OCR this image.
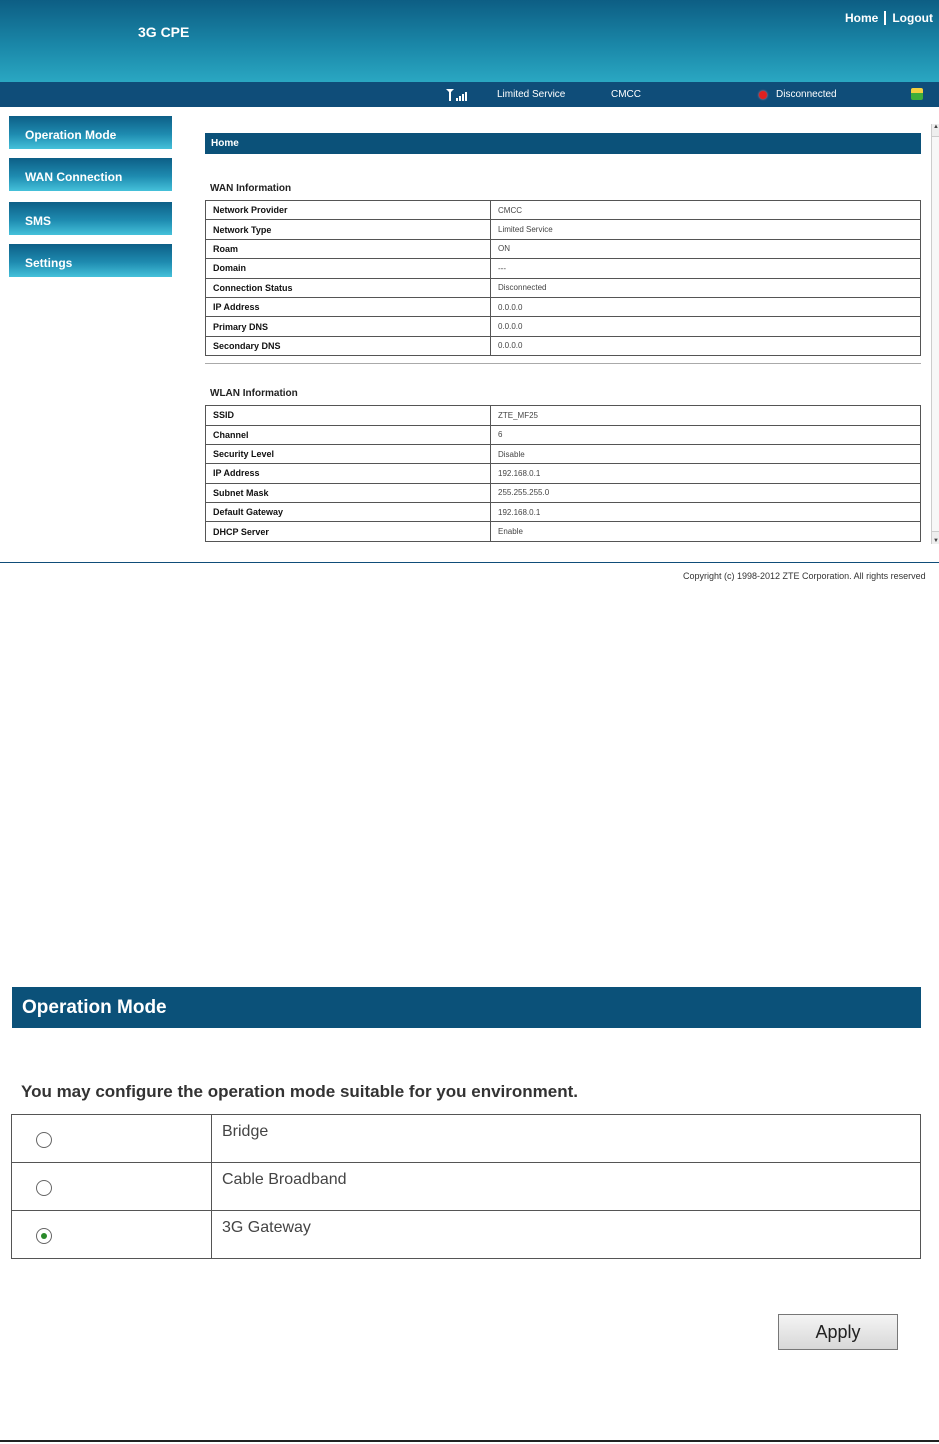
3G CPE
Home Logout
Limited Service	CMCC	Disconnected
Operation Mode
WAN Connection
SMS
Settings
Home
WAN Information
Network Provider	CMCC
Network Type	Limited Service
Roam	ON
Domain	---
Connection Status	Disconnected
IP Address	0.0.0.0
Primary DNS	0.0.0.0
Secondary DNS	0.0.0.0
WLAN Information
SSID	ZTE_MF25
Channel	6
Security Level	Disable
IP Address	192.168.0.1
Subnet Mask	255.255.255.0
Default Gateway	192.168.0.1
DHCP Server	Enable
▲
▼
Copyright (c) 1998-2012 ZTE Corporation. All rights reserved
Operation Mode
You may configure the operation mode suitable for you environment.
	Bridge

	Cable Broadband

	3G Gateway
Apply
